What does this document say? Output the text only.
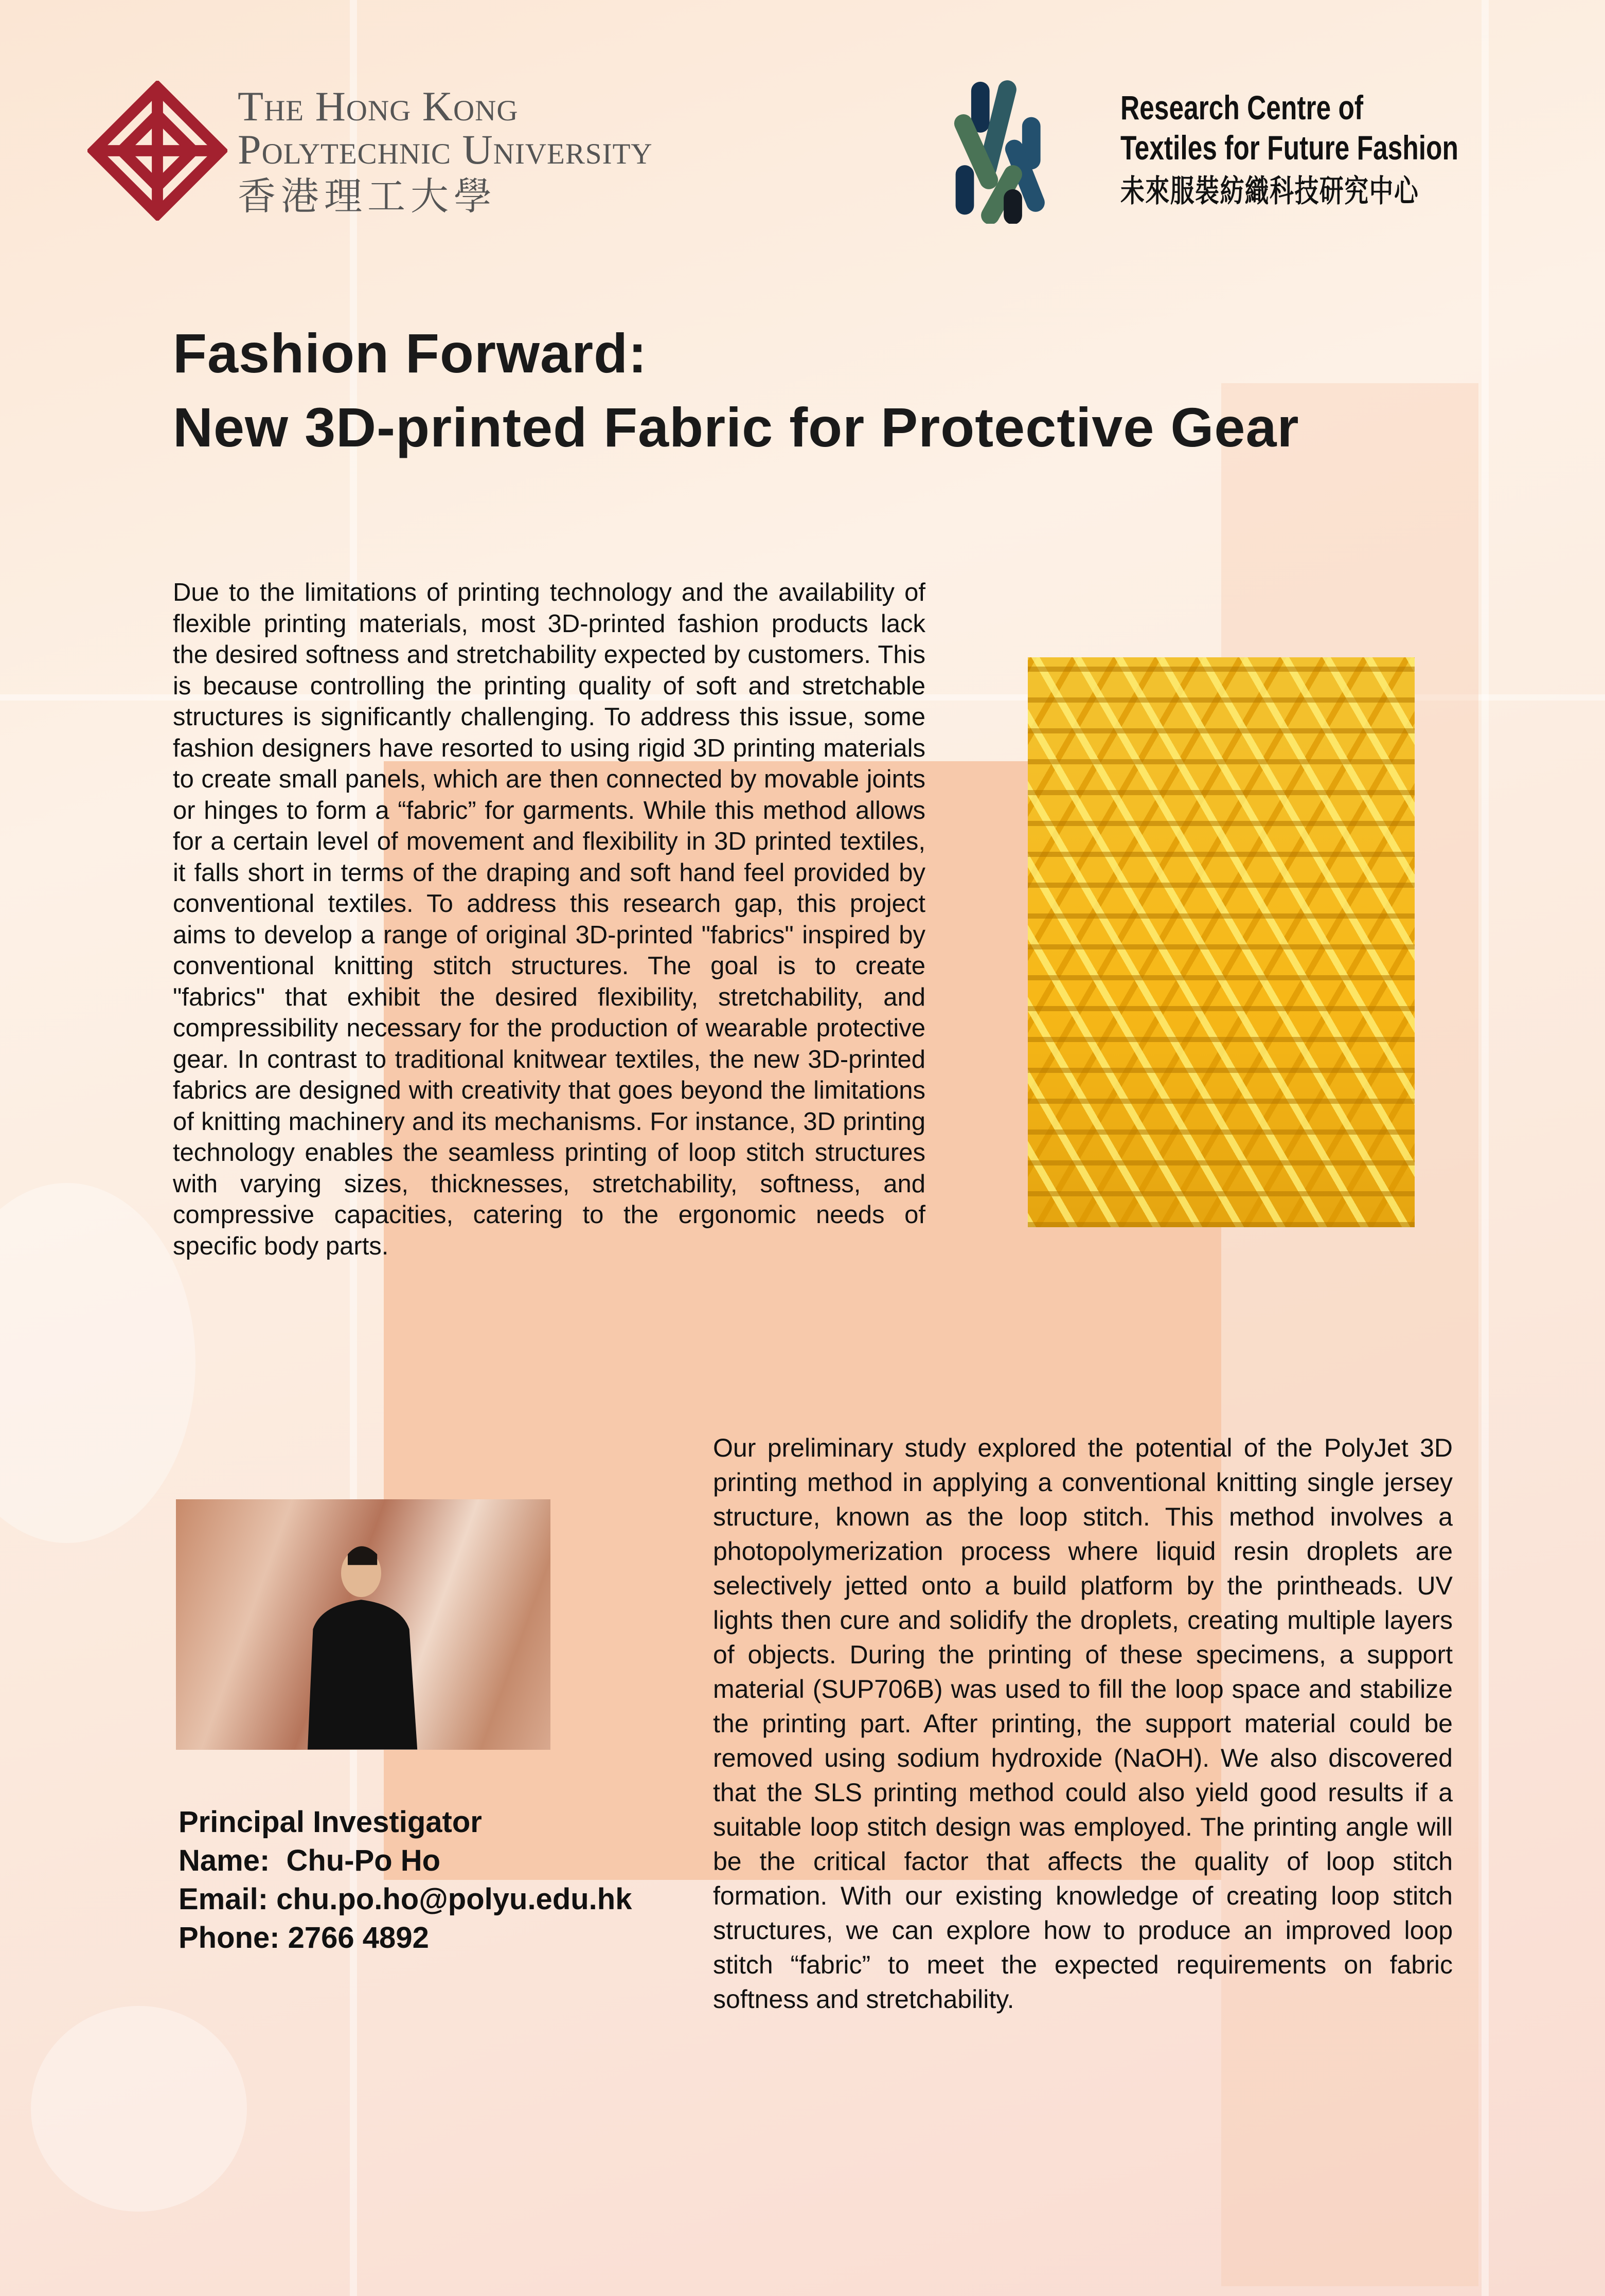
The Hong Kong
Polytechnic University
香港理工大學
Research Centre of
Textiles for Future Fashion
未來服裝紡織科技研究中心
Fashion Forward:
New 3D-printed Fabric for Protective Gear
Due to the limitations of printing technology and the availability of flexible printing materials, most 3D-printed fashion products lack the desired softness and stretchability expected by customers. This is because controlling the printing quality of soft and stretchable structures is significantly challenging. To address this issue, some fashion designers have resorted to using rigid 3D printing materials to create small panels, which are then connected by movable joints or hinges to form a “fabric” for garments. While this method allows for a certain level of movement and flexibility in 3D printed textiles, it falls short in terms of the draping and soft hand feel provided by conventional textiles. To address this research gap, this project aims to develop a range of original 3D-printed "fabrics" inspired by conventional knitting stitch structures. The goal is to create "fabrics" that exhibit the desired flexibility, stretchability, and compressibility necessary for the production of wearable protective gear. In contrast to traditional knitwear textiles, the new 3D-printed fabrics are designed with creativity that goes beyond the limitations of knitting machinery and its mechanisms. For instance, 3D printing technology enables the seamless printing of loop stitch structures with varying sizes, thicknesses, stretchability, softness, and compressive capacities, catering to the ergonomic needs of specific body parts.
Principal Investigator
Name:  Chu-Po Ho
Email: chu.po.ho@polyu.edu.hk
Phone: 2766 4892
Our preliminary study explored the potential of the PolyJet 3D printing method in applying a conventional knitting single jersey structure, known as the loop stitch. This method involves a photopolymerization process where liquid resin droplets are selectively jetted onto a build platform by the printheads. UV lights then cure and solidify the droplets, creating multiple layers of objects. During the printing of these specimens, a support material (SUP706B) was used to fill the loop space and stabilize the printing part. After printing, the support material could be removed using sodium hydroxide (NaOH). We also discovered that the SLS printing method could also yield good results if a suitable loop stitch design was employed. The printing angle will be the critical factor that affects the quality of loop stitch formation. With our existing knowledge of creating loop stitch structures, we can explore how to produce an improved loop stitch “fabric” to meet the expected requirements on fabric softness and stretchability.
